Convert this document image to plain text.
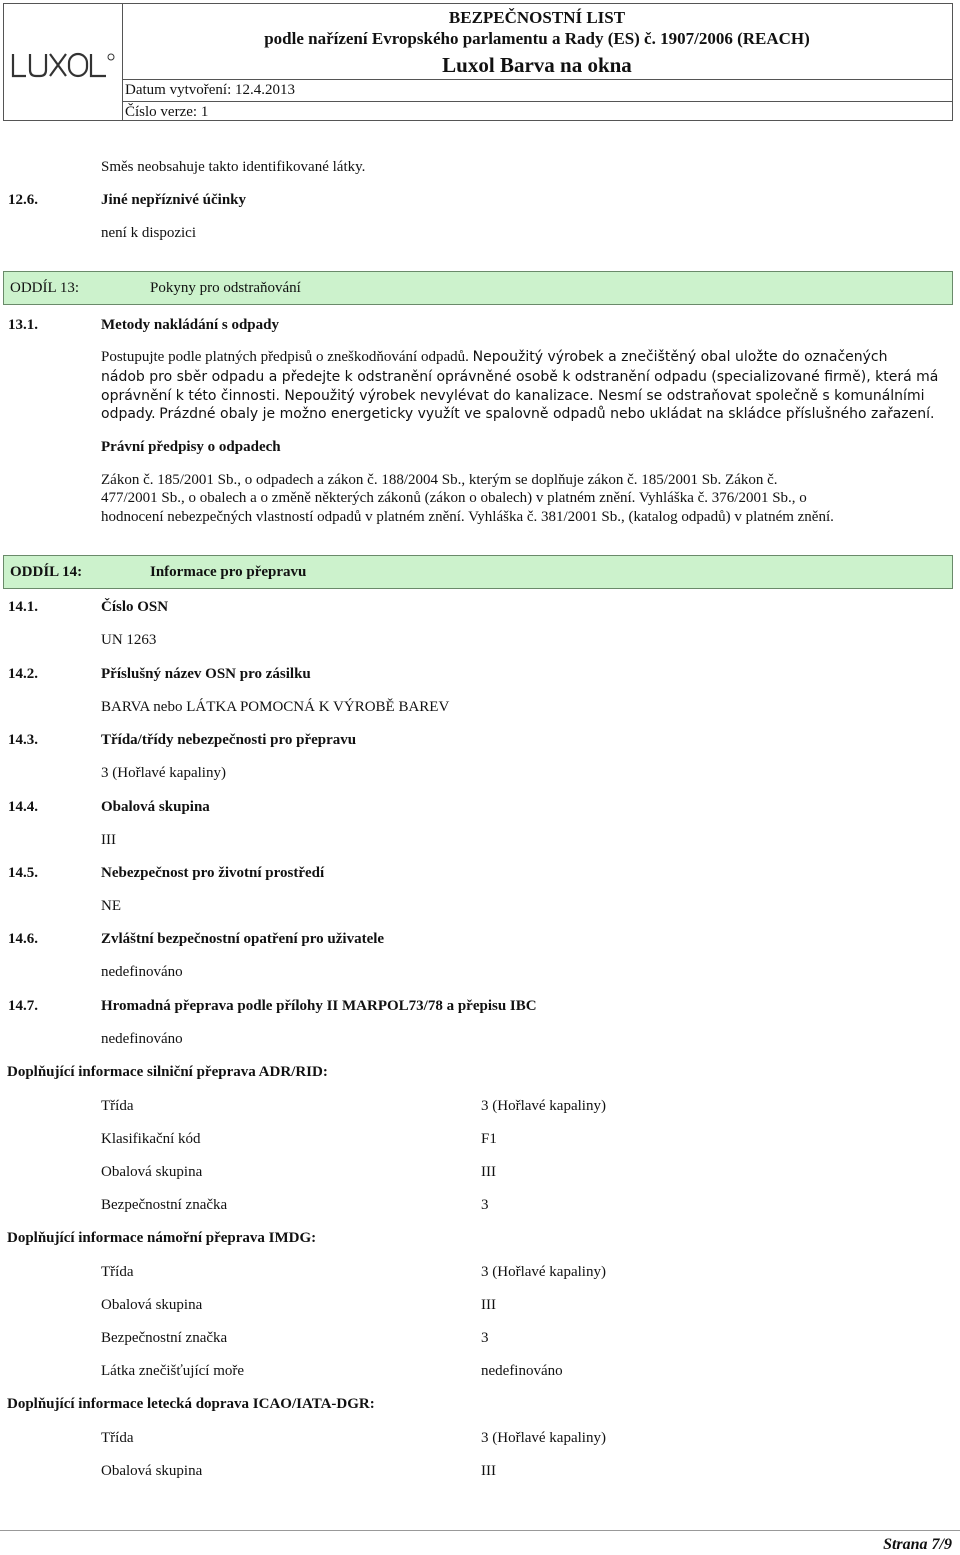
BEZPEČNOSTNÍ LIST
podle nařízení Evropského parlamentu a Rady (ES) č. 1907/2006 (REACH)
Luxol Barva na okna
Datum vytvoření: 12.4.2013
Číslo verze: 1
Směs neobsahuje takto identifikované látky.
12.6.	Jiné nepříznivé účinky
není k dispozici
ODDÍL 13:	Pokyny pro odstraňování
13.1.	Metody nakládání s odpady
Postupujte podle platných předpisů o zneškodňování odpadů. Nepoužitý výrobek a znečištěný obal uložte do označených
nádob pro sběr odpadu a předejte k odstranění oprávněné osobě k odstranění odpadu (specializované firmě), která má
oprávnění k této činnosti. Nepoužitý výrobek nevylévat do kanalizace. Nesmí se odstraňovat společně s komunálními
odpady. Prázdné obaly je možno energeticky využít ve spalovně odpadů nebo ukládat na skládce příslušného zařazení.
Právní předpisy o odpadech
Zákon č. 185/2001 Sb., o odpadech a zákon č. 188/2004 Sb., kterým se doplňuje zákon č. 185/2001 Sb. Zákon č.
477/2001 Sb., o obalech a o změně některých zákonů (zákon o obalech) v platném znění. Vyhláška č. 376/2001 Sb., o
hodnocení nebezpečných vlastností odpadů v platném znění. Vyhláška č. 381/2001 Sb., (katalog odpadů) v platném znění.
ODDÍL 14:	Informace pro přepravu
14.1.	Číslo OSN
UN 1263
14.2.	Příslušný název OSN pro zásilku
BARVA nebo LÁTKA POMOCNÁ K VÝROBĚ BAREV
14.3.	Třída/třídy nebezpečnosti pro přepravu
3 (Hořlavé kapaliny)
14.4.	Obalová skupina
III
14.5.	Nebezpečnost pro životní prostředí
NE
14.6.	Zvláštní bezpečnostní opatření pro uživatele
nedefinováno
14.7.	Hromadná přeprava podle přílohy II MARPOL73/78 a přepisu IBC
nedefinováno
Doplňující informace silniční přeprava ADR/RID:
Třída	3 (Hořlavé kapaliny)
Klasifikační kód	F1
Obalová skupina	III
Bezpečnostní značka	3
Doplňující informace námořní přeprava IMDG:
Třída	3 (Hořlavé kapaliny)
Obalová skupina	III
Bezpečnostní značka	3
Látka znečišťující moře	nedefinováno
Doplňující informace letecká doprava ICAO/IATA-DGR:
Třída	3 (Hořlavé kapaliny)
Obalová skupina	III
Strana 7/9
